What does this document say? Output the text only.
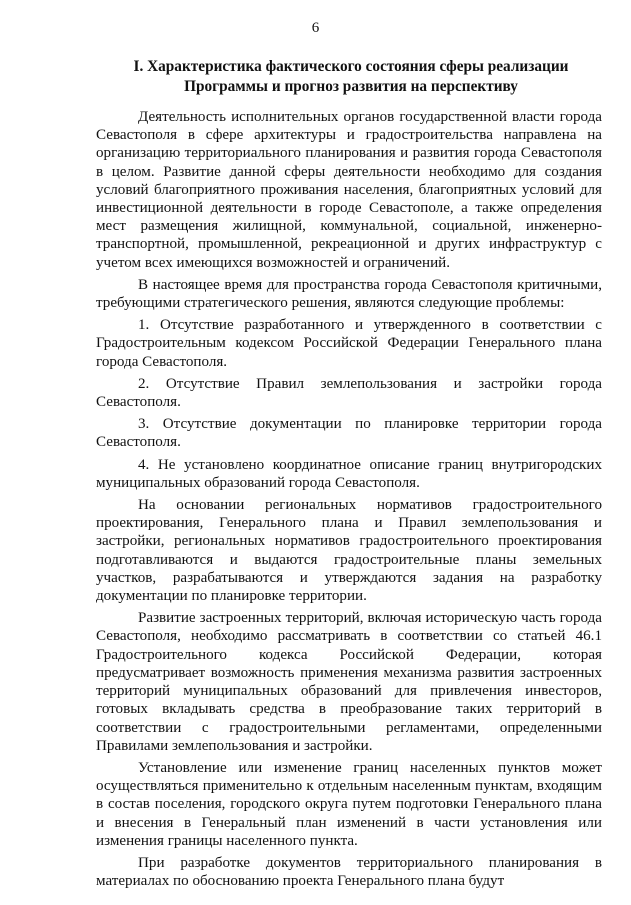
6
I. Характеристика фактического состояния сферы реализации
Программы и прогноз развития на перспективу

Деятельность исполнительных органов государственной власти города Севастополя в сфере архитектуры и градостроительства направлена на организацию территориального планирования и развития города Севастополя в целом. Развитие данной сферы деятельности необходимо для создания условий благоприятного проживания населения, благоприятных условий для инвестиционной деятельности в городе Севастополе, а также определения мест размещения жилищной, коммунальной, социальной, инженерно-транспортной, промышленной, рекреационной и других инфраструктур с учетом всех имеющихся возможностей и ограничений.

В настоящее время для пространства города Севастополя критичными, требующими стратегического решения, являются следующие проблемы:

1. Отсутствие разработанного и утвержденного в соответствии с Градостроительным кодексом Российской Федерации Генерального плана города Севастополя.

2. Отсутствие Правил землепользования и застройки города Севастополя.

3. Отсутствие документации по планировке территории города Севастополя.

4. Не установлено координатное описание границ внутригородских муниципальных образований города Севастополя.

На основании региональных нормативов градостроительного проектирования, Генерального плана и Правил землепользования и застройки, региональных нормативов градостроительного проектирования подготавливаются и выдаются градостроительные планы земельных участков, разрабатываются и утверждаются задания на разработку документации по планировке территории.

Развитие застроенных территорий, включая историческую часть города Севастополя, необходимо рассматривать в соответствии со статьей 46.1 Градостроительного кодекса Российской Федерации, которая предусматривает возможность применения механизма развития застроенных территорий муниципальных образований для привлечения инвесторов, готовых вкладывать средства в преобразование таких территорий в соответствии с градостроительными регламентами, определенными Правилами землепользования и застройки.

Установление или изменение границ населенных пунктов может осуществляться применительно к отдельным населенным пунктам, входящим в состав поселения, городского округа путем подготовки Генерального плана и внесения в Генеральный план изменений в части установления или изменения границы населенного пункта.

При разработке документов территориального планирования в материалах по обоснованию проекта Генерального плана будут
